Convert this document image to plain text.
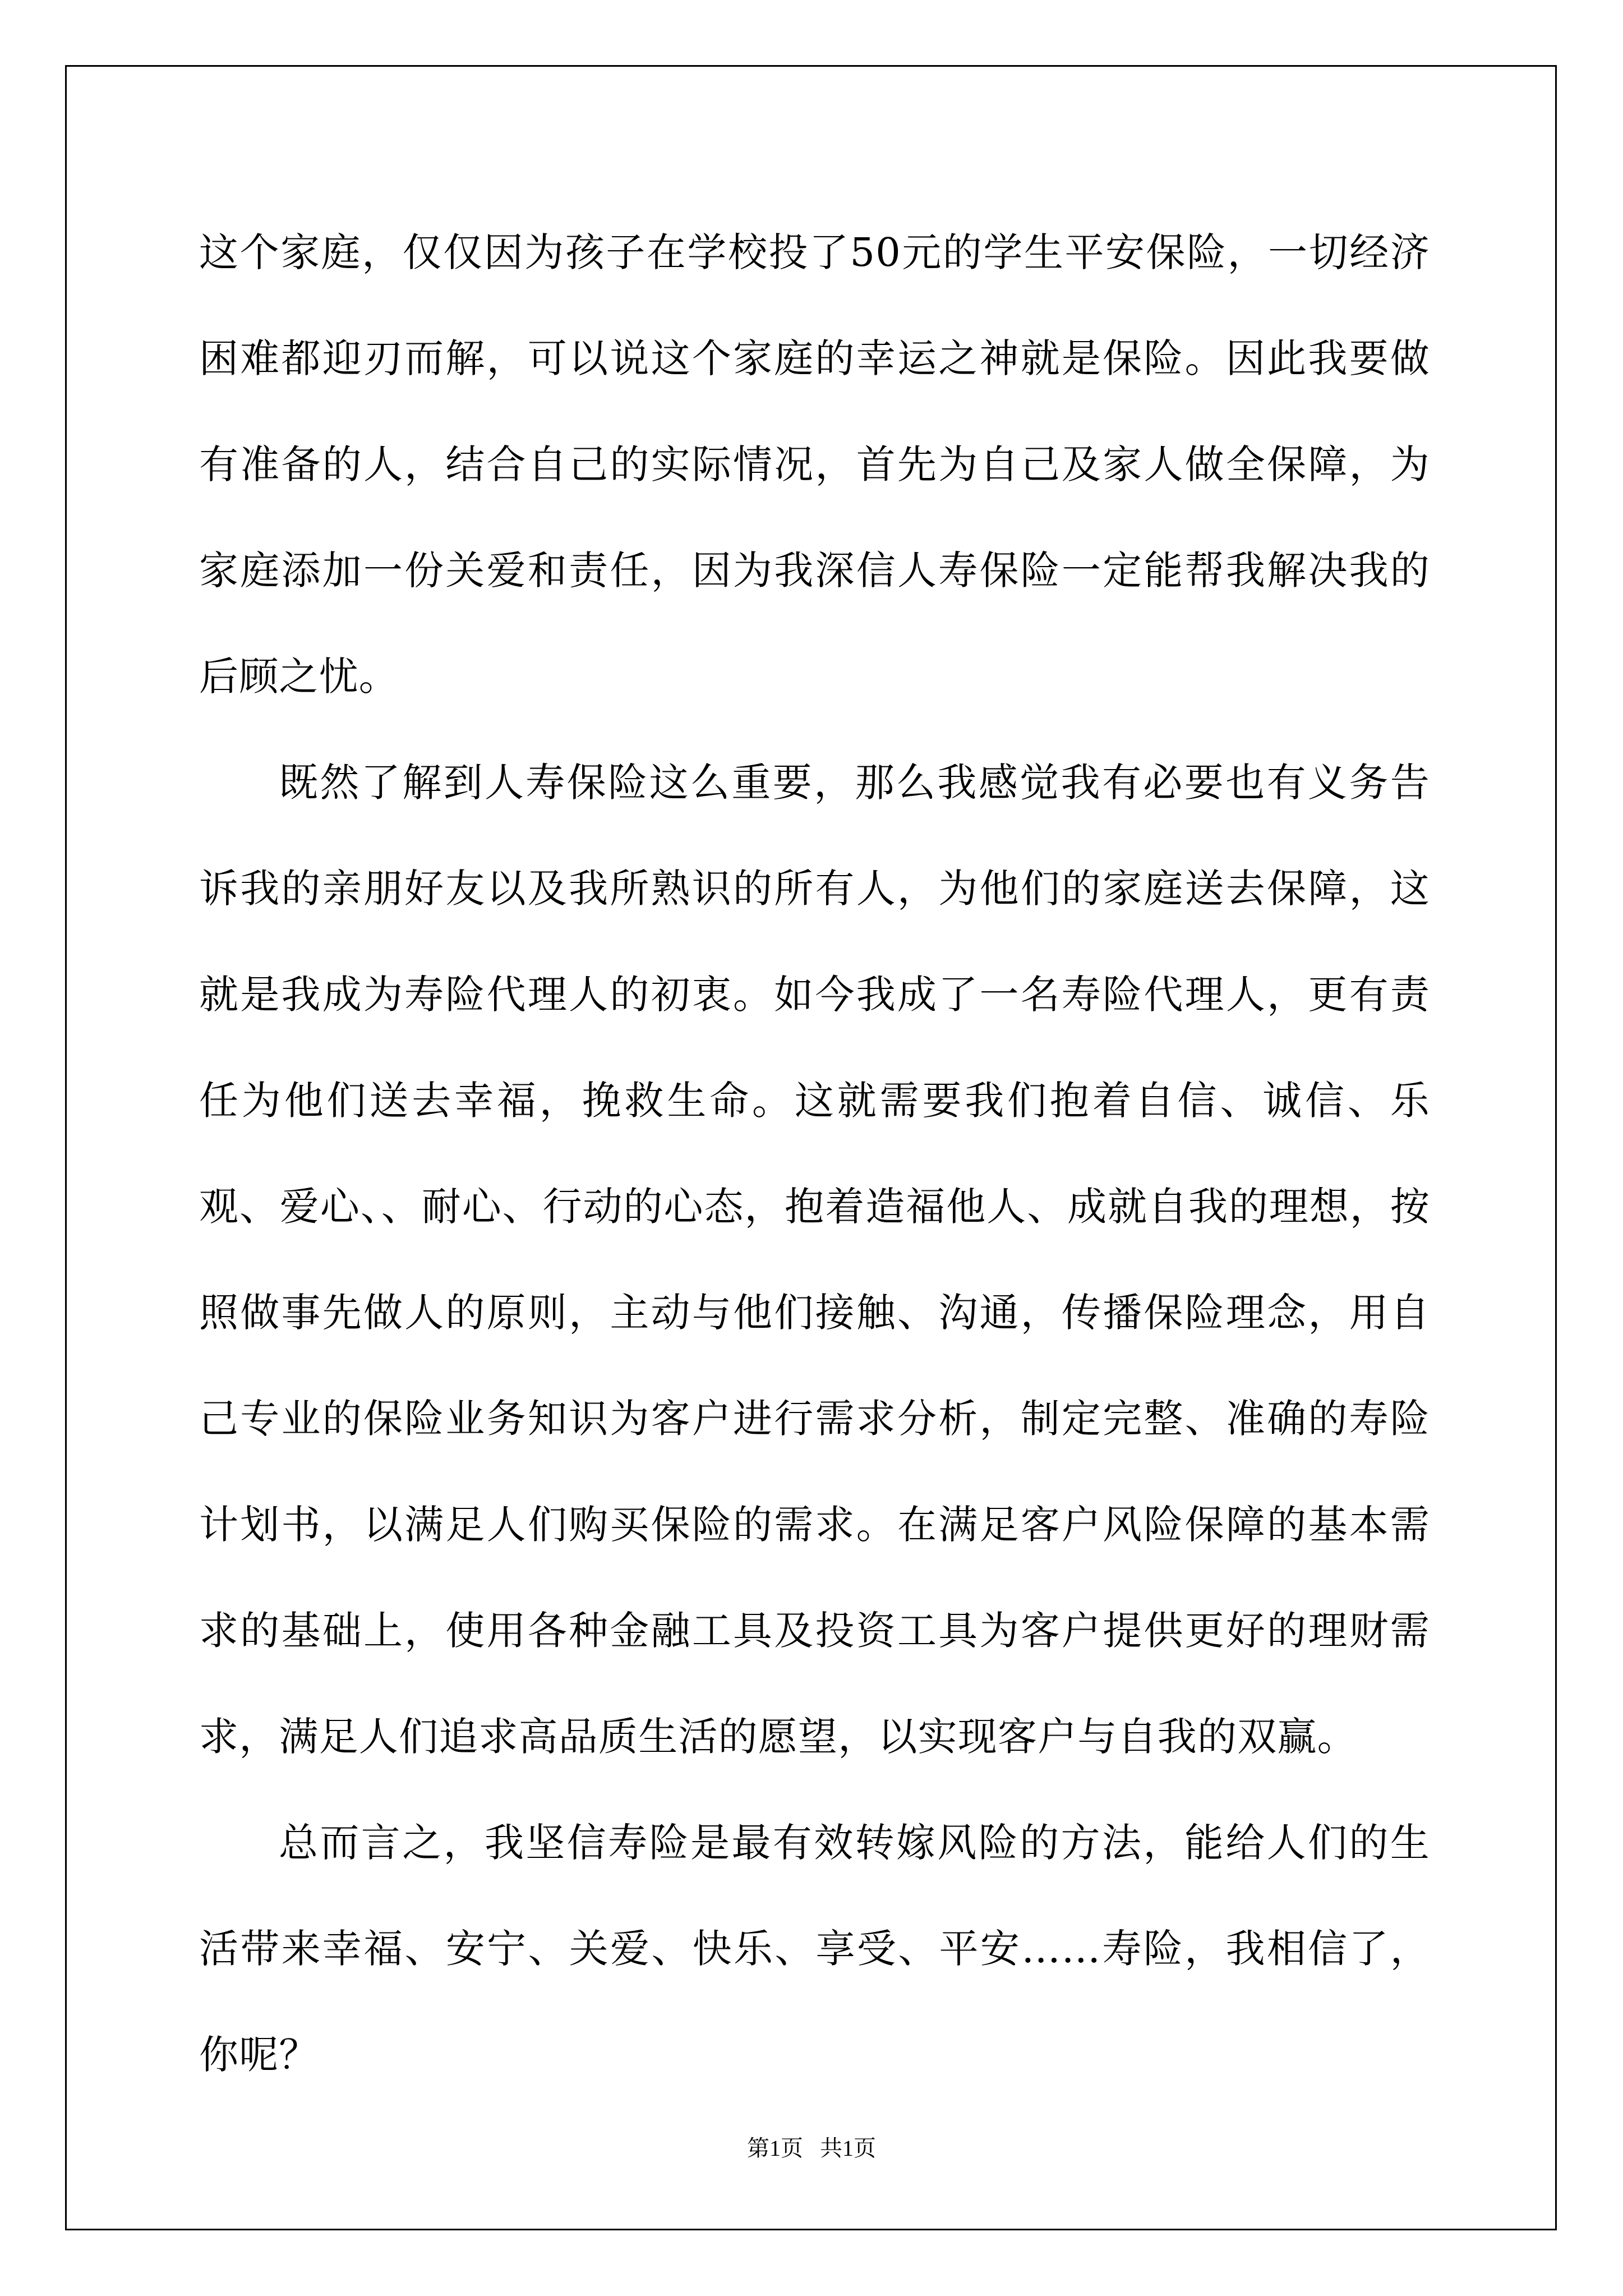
这个家庭，仅仅因为孩子在学校投了50元的学生平安保险，一切经济困难都迎刃而解，可以说这个家庭的幸运之神就是保险。因此我要做有准备的人，结合自己的实际情况，首先为自己及家人做全保障，为家庭添加一份关爱和责任，因为我深信人寿保险一定能帮我解决我的后顾之忧。

既然了解到人寿保险这么重要，那么我感觉我有必要也有义务告诉我的亲朋好友以及我所熟识的所有人，为他们的家庭送去保障，这就是我成为寿险代理人的初衷。如今我成了一名寿险代理人，更有责任为他们送去幸福，挽救生命。这就需要我们抱着自信、诚信、乐观、爱心、、耐心、行动的心态，抱着造福他人、成就自我的理想，按照做事先做人的原则，主动与他们接触、沟通，传播保险理念，用自己专业的保险业务知识为客户进行需求分析，制定完整、准确的寿险计划书，以满足人们购买保险的需求。在满足客户风险保障的基本需求的基础上，使用各种金融工具及投资工具为客户提供更好的理财需求，满足人们追求高品质生活的愿望，以实现客户与自我的双赢。

总而言之，我坚信寿险是最有效转嫁风险的方法，能给人们的生活带来幸福、安宁、关爱、快乐、享受、平安……寿险，我相信了，你呢？

第1页   共1页
